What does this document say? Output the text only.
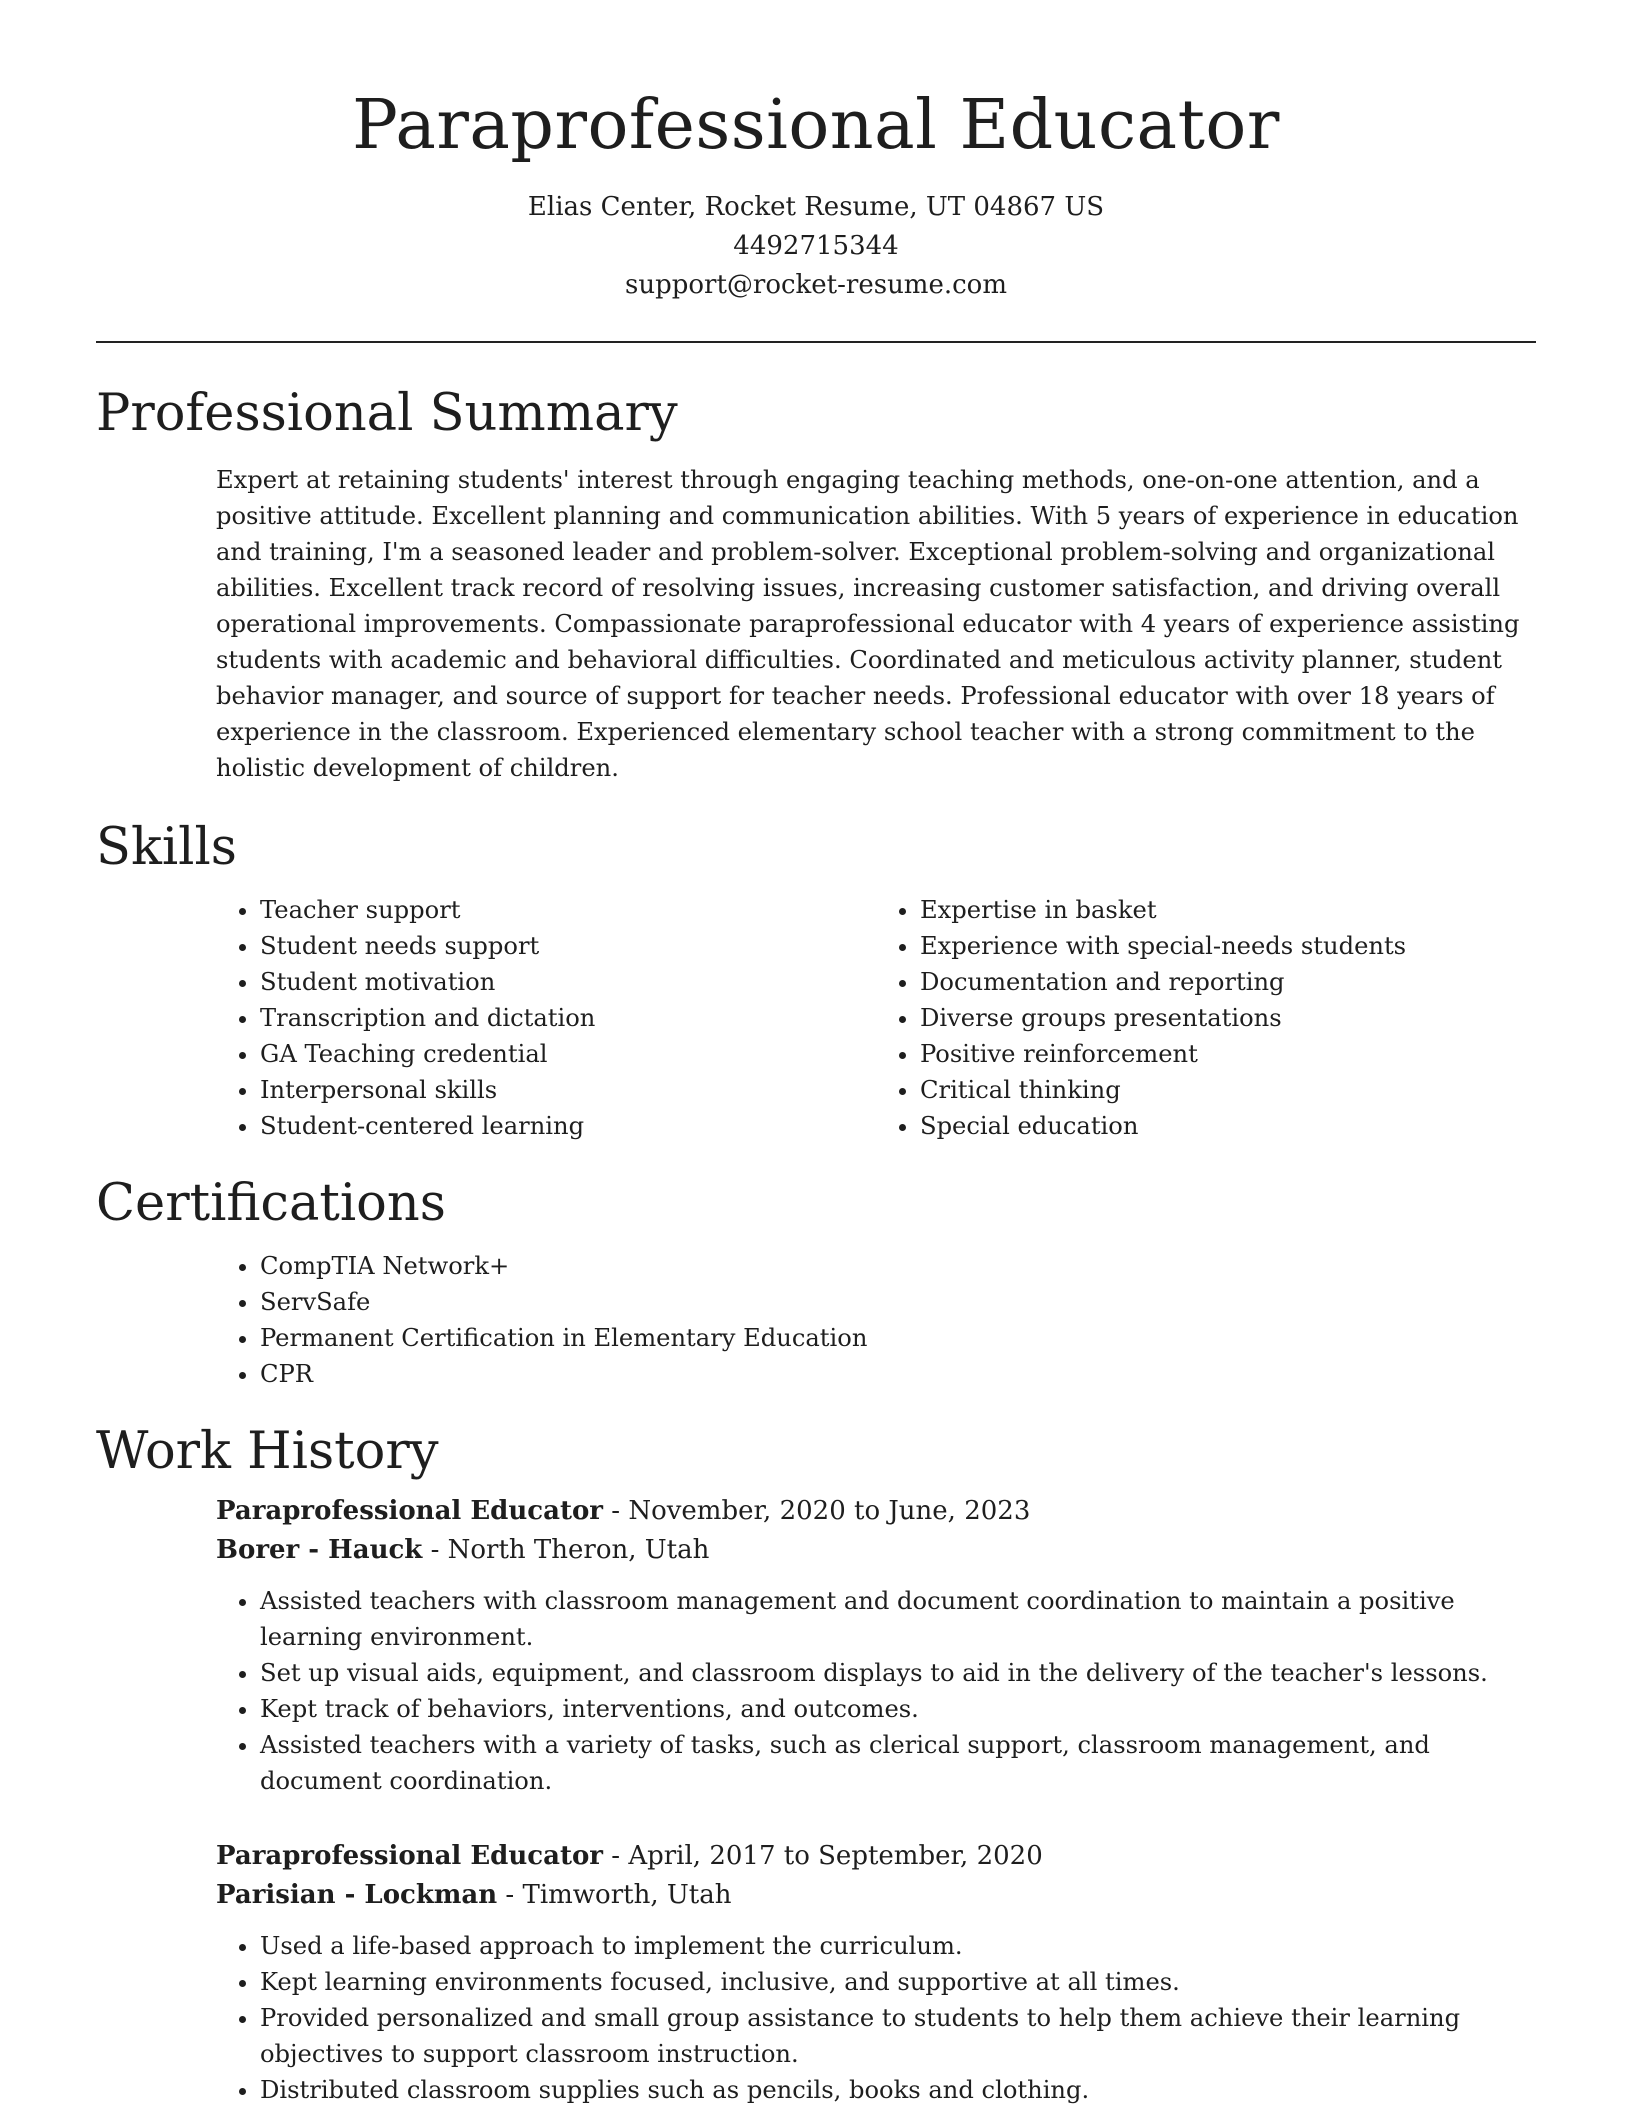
Paraprofessional Educator
Elias Center, Rocket Resume, UT 04867 US
4492715344
support@rocket-resume.com
Professional Summary

Expert at retaining students' interest through engaging teaching methods, one-on-one attention, and a positive attitude. Excellent planning and communication abilities. With 5 years of experience in education and training, I'm a seasoned leader and problem-solver. Exceptional problem-solving and organizational abilities. Excellent track record of resolving issues, increasing customer satisfaction, and driving overall operational improvements. Compassionate paraprofessional educator with 4 years of experience assisting students with academic and behavioral difficulties. Coordinated and meticulous activity planner, student behavior manager, and source of support for teacher needs. Professional educator with over 18 years of experience in the classroom. Experienced elementary school teacher with a strong commitment to the holistic development of children.

Skills
• Teacher support
• Student needs support
• Student motivation
• Transcription and dictation
• GA Teaching credential
• Interpersonal skills
• Student-centered learning
• Expertise in basket
• Experience with special-needs students
• Documentation and reporting
• Diverse groups presentations
• Positive reinforcement
• Critical thinking
• Special education
Certifications
• CompTIA Network+
• ServSafe
• Permanent Certification in Elementary Education
• CPR
Work History
Paraprofessional Educator - November, 2020 to June, 2023
Borer - Hauck - North Theron, Utah
• Assisted teachers with classroom management and document coordination to maintain a positive learning environment.
• Set up visual aids, equipment, and classroom displays to aid in the delivery of the teacher's lessons.
• Kept track of behaviors, interventions, and outcomes.
• Assisted teachers with a variety of tasks, such as clerical support, classroom management, and document coordination.
Paraprofessional Educator - April, 2017 to September, 2020
Parisian - Lockman - Timworth, Utah
• Used a life-based approach to implement the curriculum.
• Kept learning environments focused, inclusive, and supportive at all times.
• Provided personalized and small group assistance to students to help them achieve their learning objectives to support classroom instruction.
• Distributed classroom supplies such as pencils, books and clothing.
